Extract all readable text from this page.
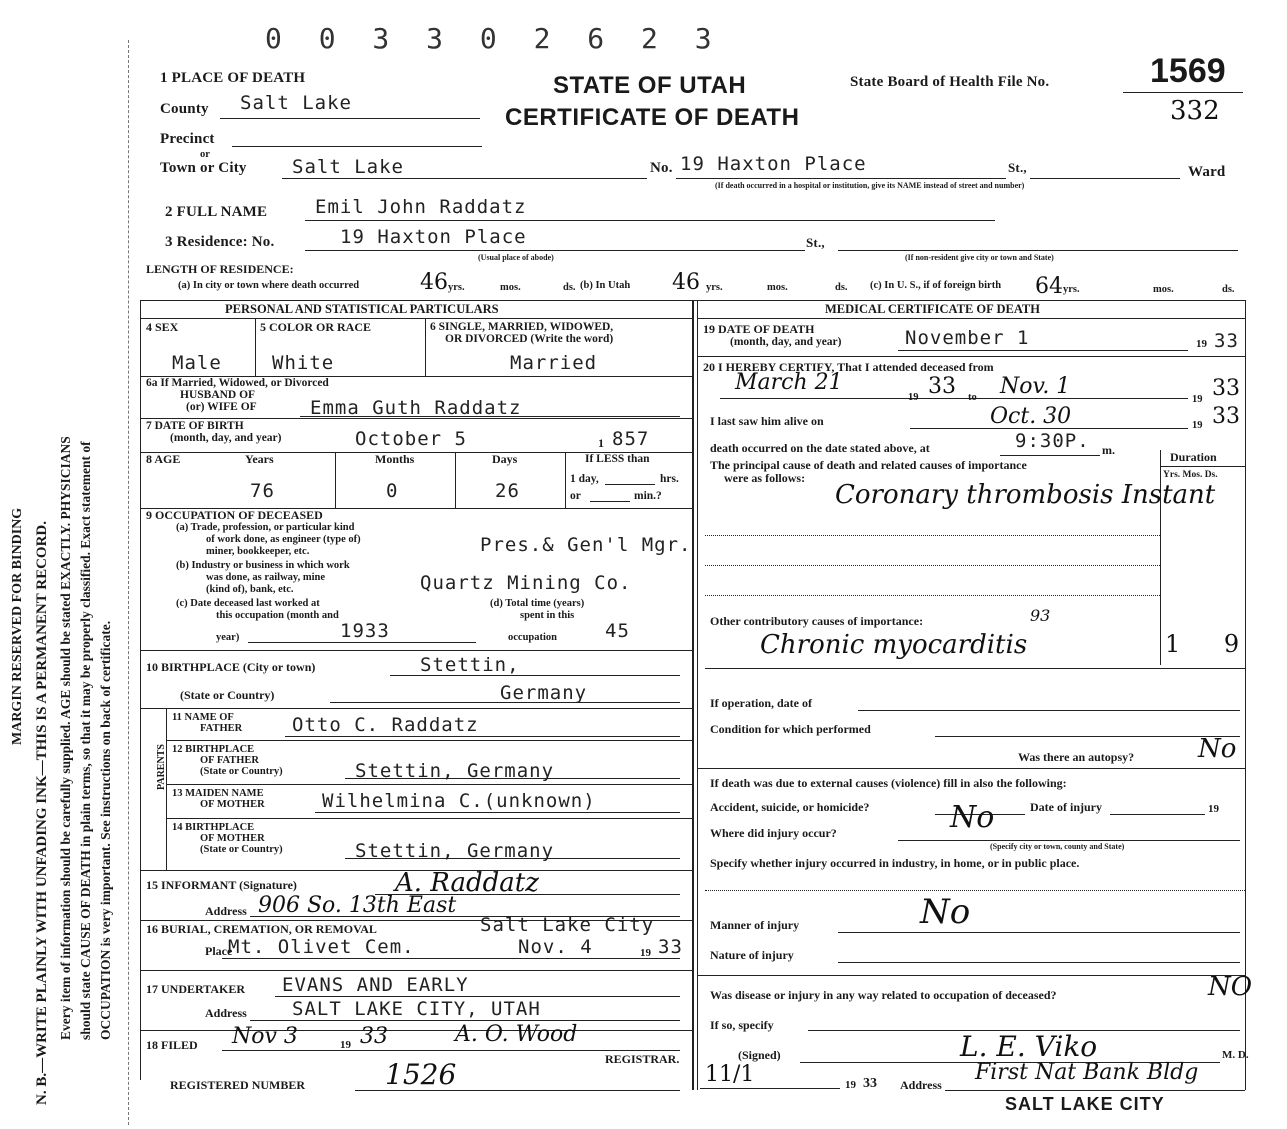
0 0 3 3 0 2 6 2 3
MARGIN RESERVED FOR BINDING N. B.—WRITE PLAINLY WITH UNFADING INK—THIS IS A PERMANENT RECORD. Every item of information should be carefully supplied. AGE should be stated EXACTLY. PHYSICIANS should state CAUSE OF DEATH in plain terms, so that it may be properly classified. Exact statement of OCCUPATION is very important. See instructions on back of certificate.
1 PLACE OF DEATH	STATE OF UTAH
CERTIFICATE OF DEATH
State Board of Health File No.	1569
332
County Salt Lake
Precinct
or
Town or City Salt Lake	No. 19 Haxton Place	St.,	Ward
(If death occurred in a hospital or institution, give its NAME instead of street and number)
2 FULL NAME	Emil John Raddatz
3 Residence: No.	19 Haxton Place	St.,
(Usual place of abode)	(If non-resident give city or town and State)
LENGTH OF RESIDENCE:
(a) In city or town where death occurred	46 yrs.	mos.	ds. (b) In Utah 46 yrs.	mos.	ds. (c) In U. S., if of foreign birth 64 yrs.	mos.	ds.
PERSONAL AND STATISTICAL PARTICULARS
4 SEX	5 COLOR OR RACE	6 SINGLE, MARRIED, WIDOWED,
OR DIVORCED (Write the word)
Male	White	Married
6a If Married, Widowed, or Divorced
HUSBAND OF
(or) WIFE OF	Emma Guth Raddatz
7 DATE OF BIRTH
(month, day, and year)	October 5	1 857
8 AGE	Years	Months	Days	If LESS than
1 day,	hrs.
or	min.?
76	0	26
9 OCCUPATION OF DECEASED
(a) Trade, profession, or particular kind
of work done, as engineer (type of)
miner, bookkeeper, etc.	Pres.& Gen'l Mgr.
(b) Industry or business in which work
was done, as railway, mine
(kind of), bank, etc.	Quartz Mining Co.
(c) Date deceased last worked at
this occupation (month and
year)	1933
(d) Total time (years)
spent in this
occupation	45
10 BIRTHPLACE (City or town)	Stettin,
(State or Country)	Germany
PARENTS
11 NAME OF
FATHER	Otto C. Raddatz
12 BIRTHPLACE
OF FATHER
(State or Country)	Stettin, Germany
13 MAIDEN NAME
OF MOTHER	Wilhelmina C.(unknown)
14 BIRTHPLACE
OF MOTHER
(State or Country)	Stettin, Germany
15 INFORMANT (Signature)	A. Raddatz
Address 906 So. 13th East
16 BURIAL, CREMATION, OR REMOVAL	Salt Lake City
Place
Mt. Olivet Cem.	Nov. 4	19 33
17 UNDERTAKER EVANS AND EARLY
Address SALT LAKE CITY, UTAH
18 FILED Nov 3	19 33	A. O. Wood
REGISTRAR.
REGISTERED NUMBER	1526
MEDICAL CERTIFICATE OF DEATH
19 DATE OF DEATH
(month, day, and year)	November 1	19 33
20 I HEREBY CERTIFY, That I attended deceased from
March 21
19 33 to Nov. 1
19 33
I last saw him alive on	Oct. 30	19 33
death occurred on the date stated above, at	9:30P. m.
The principal cause of death and related causes of importance
were as follows:
Duration
Yrs. Mos. Ds.
Coronary thrombosis Instant
Other contributory causes of importance:	93
Chronic myocarditis	1 9
If operation, date of
Condition for which performed
Was there an autopsy? No
If death was due to external causes (violence) fill in also the following:
Accident, suicide, or homicide?	No	Date of injury	19
Where did injury occur?
(Specify city or town, county and State)
Specify whether injury occurred in industry, in home, or in public place.
Manner of injury	No
Nature of injury
Was disease or injury in any way related to occupation of deceased?	NO
If so, specify
(Signed)	L. E. Viko	M. D.
11/1	19 33 Address First Nat Bank Bldg
SALT LAKE CITY
